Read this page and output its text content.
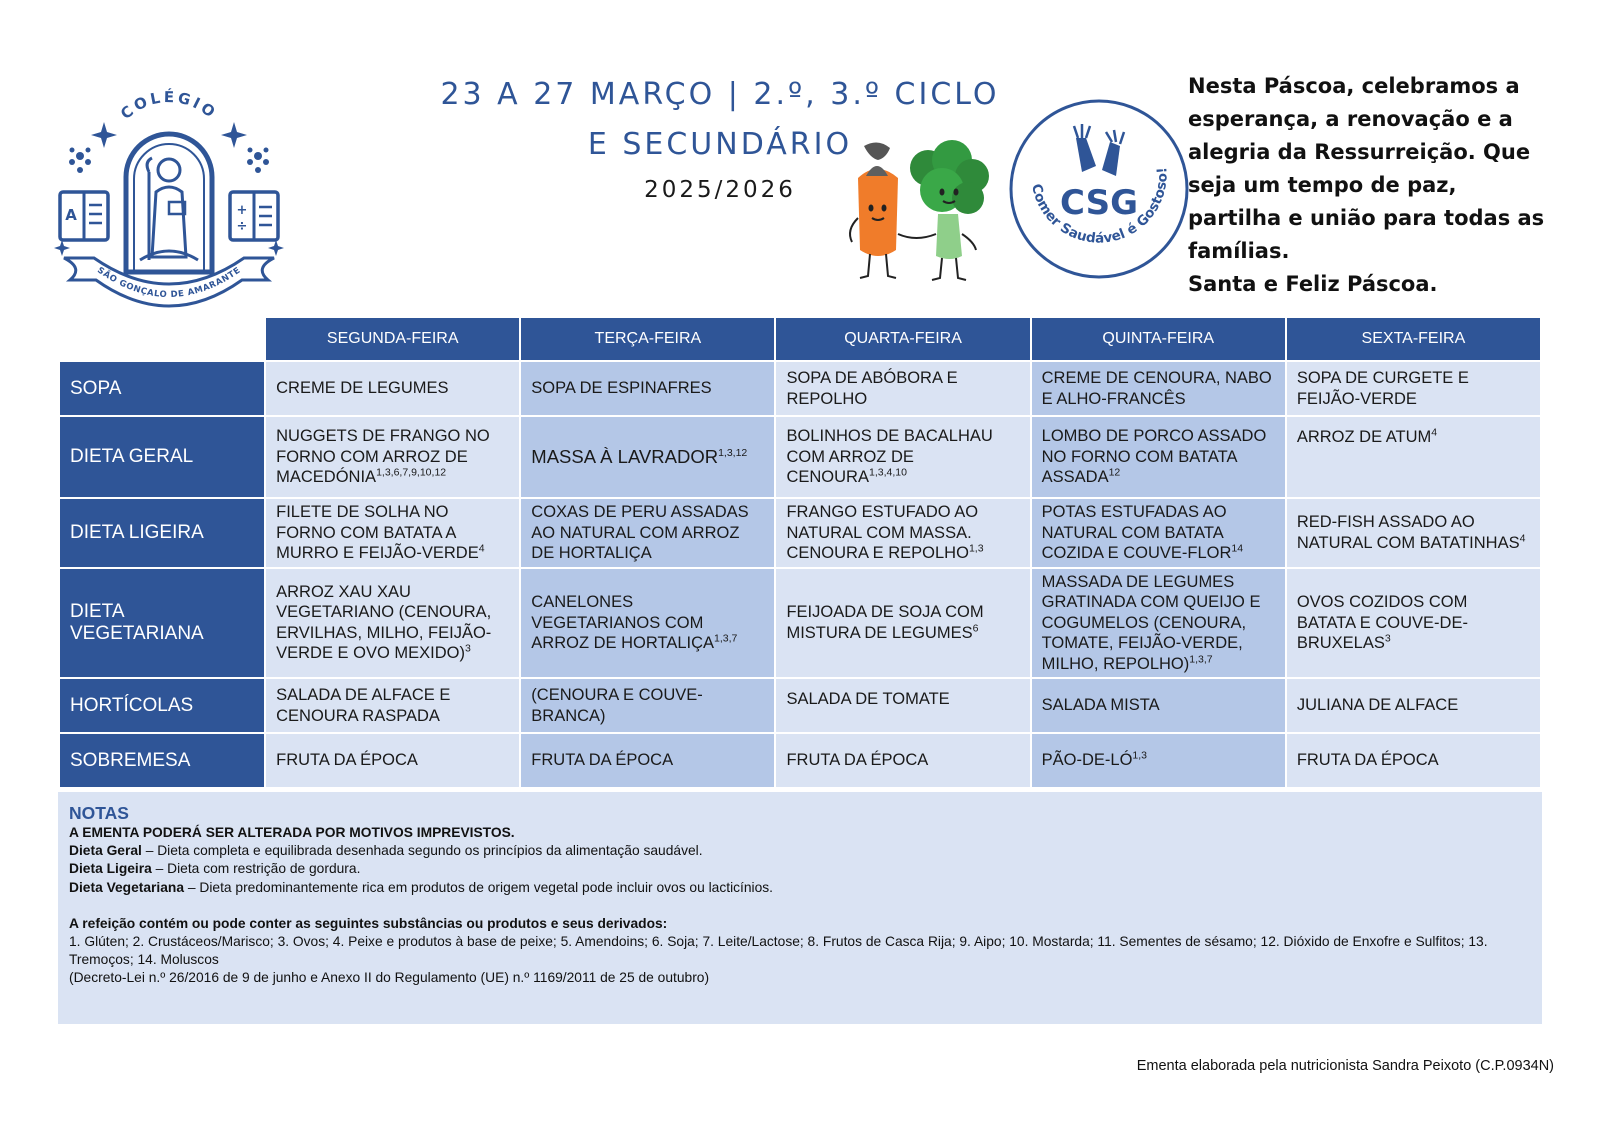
COLÉGIO
A	+
÷
SÃO GONÇALO DE AMARANTE
23 A 27 MARÇO | 2.º, 3.º CICLO
E SECUNDÁRIO
2025/2026	CSG
Comer Saudável é Gostoso!

Nesta Páscoa, celebramos a

esperança, a renovação e a

alegria da Ressurreição. Que

seja um tempo de paz,

partilha e união para todas as

famílias.

Santa e Feliz Páscoa.

	SEGUNDA-FEIRA	TERÇA-FEIRA	QUARTA-FEIRA	QUINTA-FEIRA	SEXTA-FEIRA
SOPA	CREME DE LEGUMES	SOPA DE ESPINAFRES	SOPA DE ABÓBORA E REPOLHO	CREME DE CENOURA, NABO E ALHO-FRANCÊS	SOPA DE CURGETE E FEIJÃO-VERDE
DIETA GERAL	NUGGETS DE FRANGO NO FORNO COM ARROZ DE MACEDÓNIA$^{1,3,6,7,9,10,12}$	MASSA À LAVRADOR$^{1,3,12}$	BOLINHOS DE BACALHAU COM ARROZ DE CENOURA$^{1,3,4,10}$	LOMBO DE PORCO ASSADO NO FORNO COM BATATA ASSADA$^{12}$	ARROZ DE ATUM$^4$
DIETA LIGEIRA	FILETE DE SOLHA NO FORNO COM BATATA A MURRO E FEIJÃO-VERDE$^4$	COXAS DE PERU ASSADAS AO NATURAL COM ARROZ DE HORTALIÇA	FRANGO ESTUFADO AO NATURAL COM MASSA. CENOURA E REPOLHO$^{1,3}$	POTAS ESTUFADAS AO NATURAL COM BATATA COZIDA E COUVE-FLOR$^{14}$	RED-FISH ASSADO AO NATURAL COM BATATINHAS$^4$
DIETA VEGETARIANA	ARROZ XAU XAU VEGETARIANO (CENOURA, ERVILHAS, MILHO, FEIJÃO-VERDE E OVO MEXIDO)$^3$	CANELONES VEGETARIANOS COM ARROZ DE HORTALIÇA$^{1,3,7}$	FEIJOADA DE SOJA COM MISTURA DE LEGUMES$^6$	MASSADA DE LEGUMES GRATINADA COM QUEIJO E COGUMELOS (CENOURA, TOMATE, FEIJÃO-VERDE, MILHO, REPOLHO)$^{1,3,7}$	OVOS COZIDOS COM BATATA E COUVE-DE-BRUXELAS$^3$
HORTÍCOLAS	SALADA DE ALFACE E CENOURA RASPADA	(CENOURA E COUVE-BRANCA)	SALADA DE TOMATE	SALADA MISTA	JULIANA DE ALFACE
SOBREMESA	FRUTA DA ÉPOCA	FRUTA DA ÉPOCA	FRUTA DA ÉPOCA	PÃO-DE-LÓ$^{1,3}$	FRUTA DA ÉPOCA
NOTAS
A EMENTA PODERÁ SER ALTERADA POR MOTIVOS IMPREVISTOS.
Dieta Geral – Dieta completa e equilibrada desenhada segundo os princípios da alimentação saudável.
Dieta Ligeira – Dieta com restrição de gordura.
Dieta Vegetariana – Dieta predominantemente rica em produtos de origem vegetal pode incluir ovos ou lacticínios.
A refeição contém ou pode conter as seguintes substâncias ou produtos e seus derivados:
1. Glúten; 2. Crustáceos/Marisco; 3. Ovos; 4. Peixe e produtos à base de peixe; 5. Amendoins; 6. Soja; 7. Leite/Lactose; 8. Frutos de Casca Rija; 9. Aipo; 10. Mostarda; 11. Sementes de sésamo; 12. Dióxido de Enxofre e Sulfitos; 13. Tremoços; 14. Moluscos
(Decreto-Lei n.º 26/2016 de 9 de junho e Anexo II do Regulamento (UE) n.º 1169/2011 de 25 de outubro)
Ementa elaborada pela nutricionista Sandra Peixoto (C.P.0934N)
